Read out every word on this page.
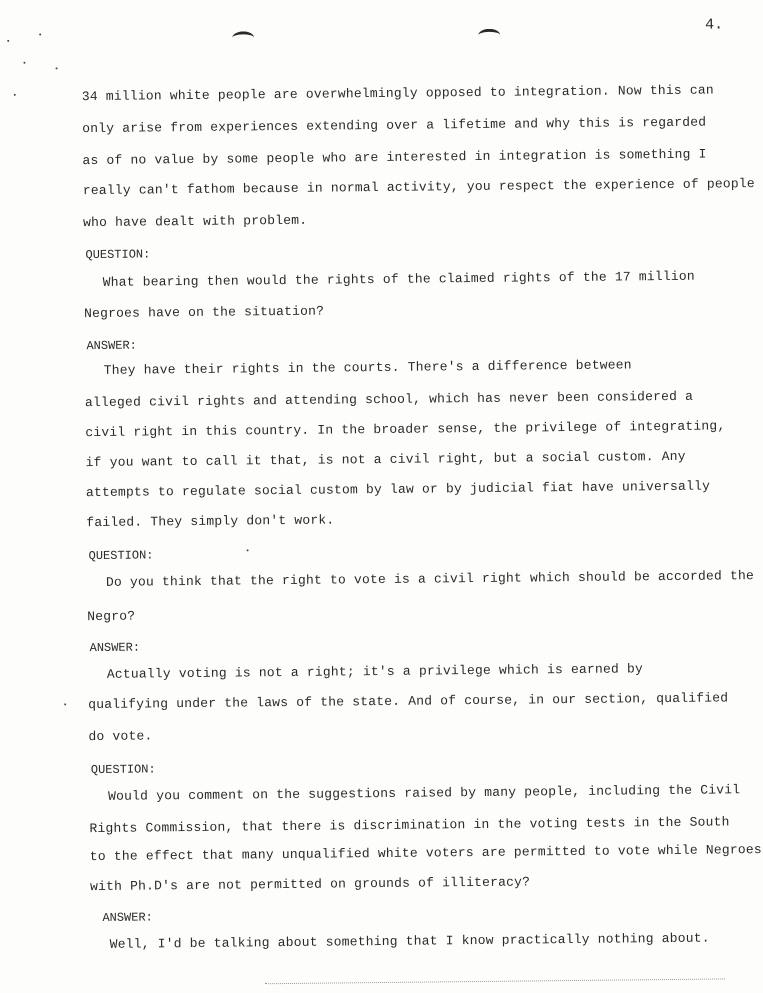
4.
34 million white people are overwhelmingly opposed to integration. Now this can
only arise from experiences extending over a lifetime and why this is regarded
as of no value by some people who are interested in integration is something I
really can't fathom because in normal activity, you respect the experience of people
who have dealt with problem.
QUESTION:
What bearing then would the rights of the claimed rights of the 17 million
Negroes have on the situation?
ANSWER:
They have their rights in the courts. There's a difference between
alleged civil rights and attending school, which has never been considered a
civil right in this country. In the broader sense, the privilege of integrating,
if you want to call it that, is not a civil right, but a social custom. Any
attempts to regulate social custom by law or by judicial fiat have universally
failed. They simply don't work.
QUESTION:
Do you think that the right to vote is a civil right which should be accorded the
Negro?
ANSWER:
Actually voting is not a right; it's a privilege which is earned by
qualifying under the laws of the state. And of course, in our section, qualified
do vote.
QUESTION:
Would you comment on the suggestions raised by many people, including the Civil
Rights Commission, that there is discrimination in the voting tests in the South
to the effect that many unqualified white voters are permitted to vote while Negroes
with Ph.D's are not permitted on grounds of illiteracy?
ANSWER:
Well, I'd be talking about something that I know practically nothing about.
